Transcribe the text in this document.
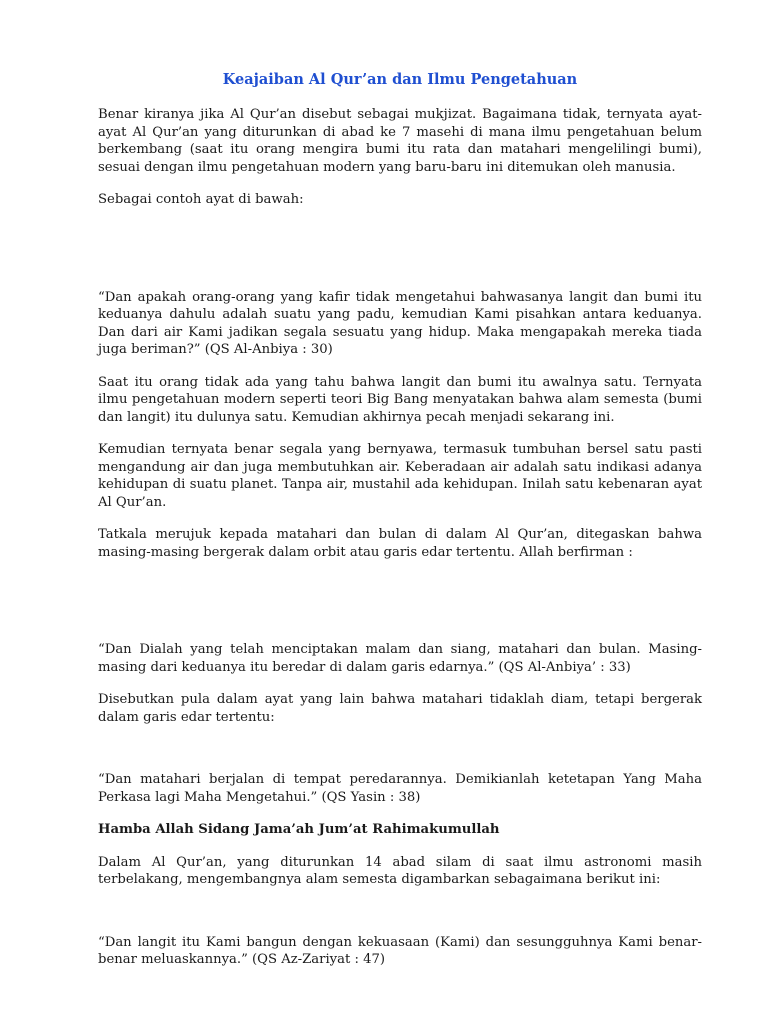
Keajaiban Al Qur’an dan Ilmu Pengetahuan

Benar kiranya jika Al Qur’an disebut sebagai mukjizat. Bagaimana tidak, ternyata ayat-ayat Al Qur’an yang diturunkan di abad ke 7 masehi di mana ilmu pengetahuan belum berkembang (saat itu orang mengira bumi itu rata dan matahari mengelilingi bumi), sesuai dengan ilmu pengetahuan modern yang baru-baru ini ditemukan oleh manusia.

Sebagai contoh ayat di bawah:

“Dan apakah orang-orang yang kafir tidak mengetahui bahwasanya langit dan bumi itu keduanya dahulu adalah suatu yang padu, kemudian Kami pisahkan antara keduanya. Dan dari air Kami jadikan segala sesuatu yang hidup. Maka mengapakah mereka tiada juga beriman?” (QS Al-Anbiya : 30)

Saat itu orang tidak ada yang tahu bahwa langit dan bumi itu awalnya satu. Ternyata ilmu pengetahuan modern seperti teori Big Bang menyatakan bahwa alam semesta (bumi dan langit) itu dulunya satu. Kemudian akhirnya pecah menjadi sekarang ini.

Kemudian ternyata benar segala yang bernyawa, termasuk tumbuhan bersel satu pasti mengandung air dan juga membutuhkan air. Keberadaan air adalah satu indikasi adanya kehidupan di suatu planet. Tanpa air, mustahil ada kehidupan. Inilah satu kebenaran ayat Al Qur’an.

Tatkala merujuk kepada matahari dan bulan di dalam Al Qur’an, ditegaskan bahwa masing-masing bergerak dalam orbit atau garis edar tertentu. Allah berfirman :

“Dan Dialah yang telah menciptakan malam dan siang, matahari dan bulan. Masing-masing dari keduanya itu beredar di dalam garis edarnya.” (QS Al-Anbiya’ : 33)

Disebutkan pula dalam ayat yang lain bahwa matahari tidaklah diam, tetapi bergerak dalam garis edar tertentu:

“Dan matahari berjalan di tempat peredarannya. Demikianlah ketetapan Yang Maha Perkasa lagi Maha Mengetahui.” (QS Yasin : 38)

Hamba Allah Sidang Jama’ah Jum’at Rahimakumullah

Dalam Al Qur’an, yang diturunkan 14 abad silam di saat ilmu astronomi masih terbelakang, mengembangnya alam semesta digambarkan sebagaimana berikut ini:

“Dan langit itu Kami bangun dengan kekuasaan (Kami) dan sesungguhnya Kami benar-benar meluaskannya.” (QS Az-Zariyat : 47)
